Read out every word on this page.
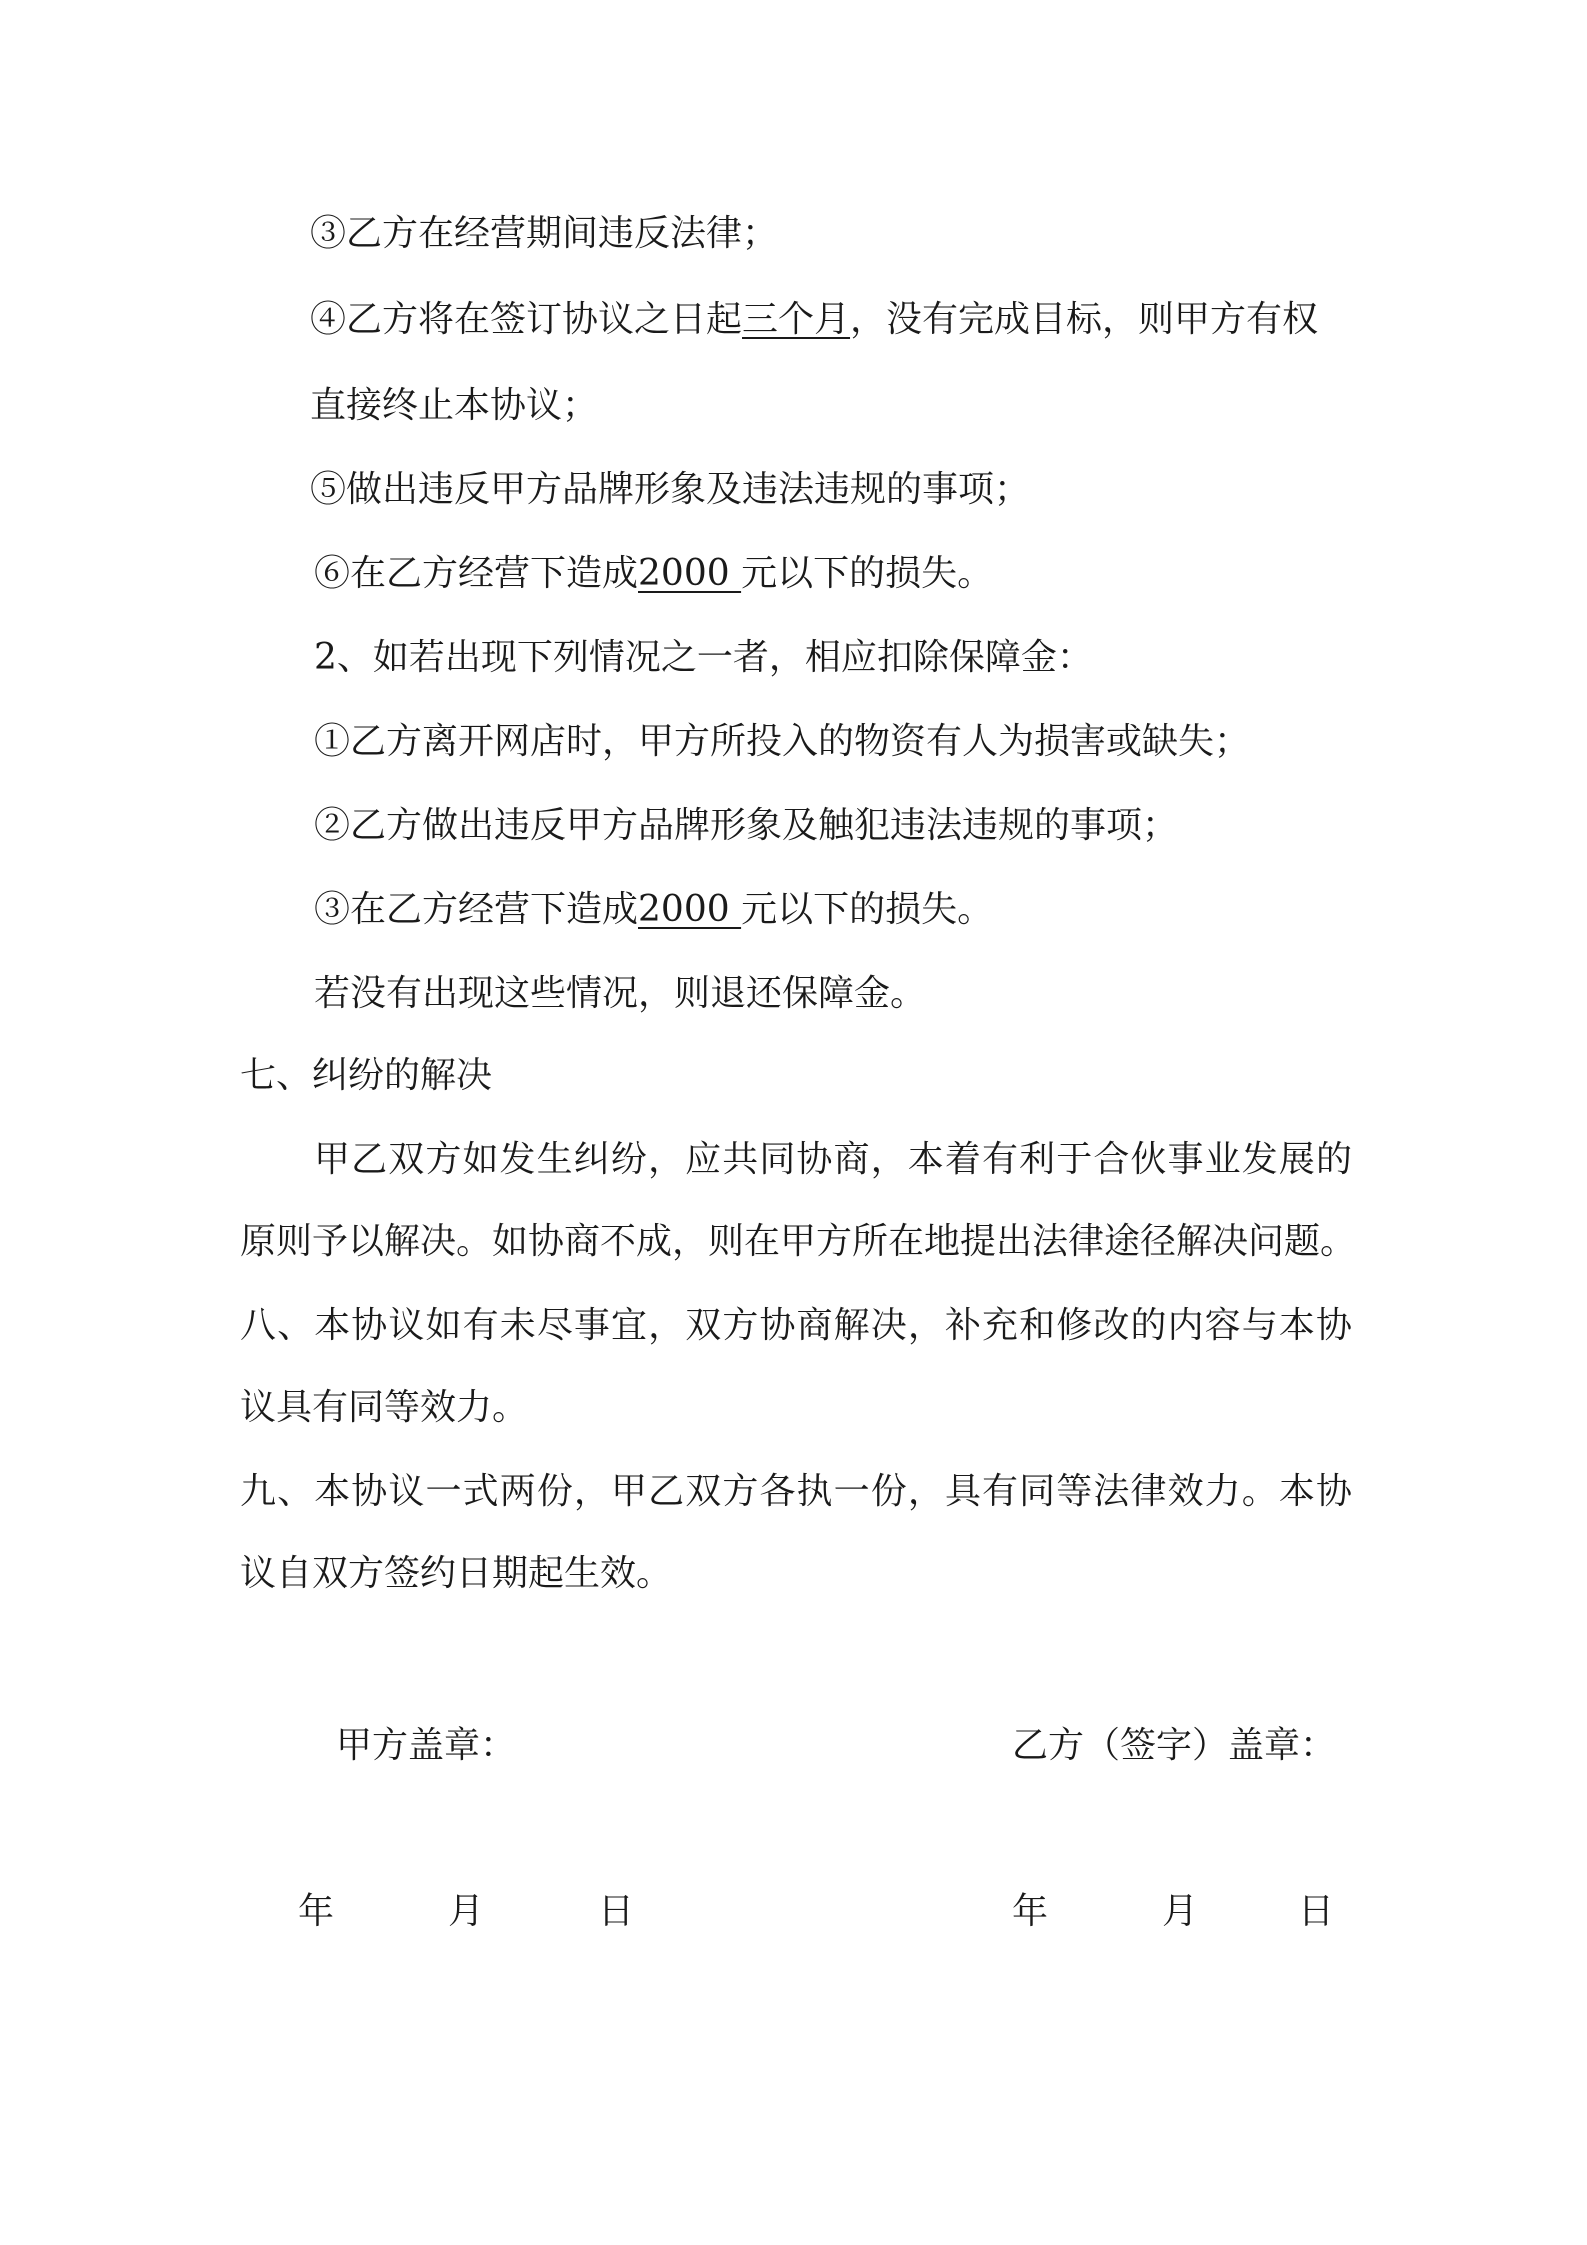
③乙方在经营期间违反法律；

④乙方将在签订协议之日起三个月，没有完成目标，则甲方有权

直接终止本协议；

⑤做出违反甲方品牌形象及违法违规的事项；

⑥在乙方经营下造成2000 元以下的损失。

2、如若出现下列情况之一者，相应扣除保障金：

①乙方离开网店时，甲方所投入的物资有人为损害或缺失；

②乙方做出违反甲方品牌形象及触犯违法违规的事项；

③在乙方经营下造成2000 元以下的损失。

若没有出现这些情况，则退还保障金。

七、纠纷的解决

甲乙双方如发生纠纷，应共同协商，本着有利于合伙事业发展的

原则予以解决。如协商不成，则在甲方所在地提出法律途径解决问题。

八、本协议如有未尽事宜，双方协商解决，补充和修改的内容与本协

议具有同等效力。

九、本协议一式两份，甲乙双方各执一份，具有同等法律效力。本协

议自双方签约日期起生效。

甲方盖章：	乙方（签字）盖章：

年	月	日	年	月	日
